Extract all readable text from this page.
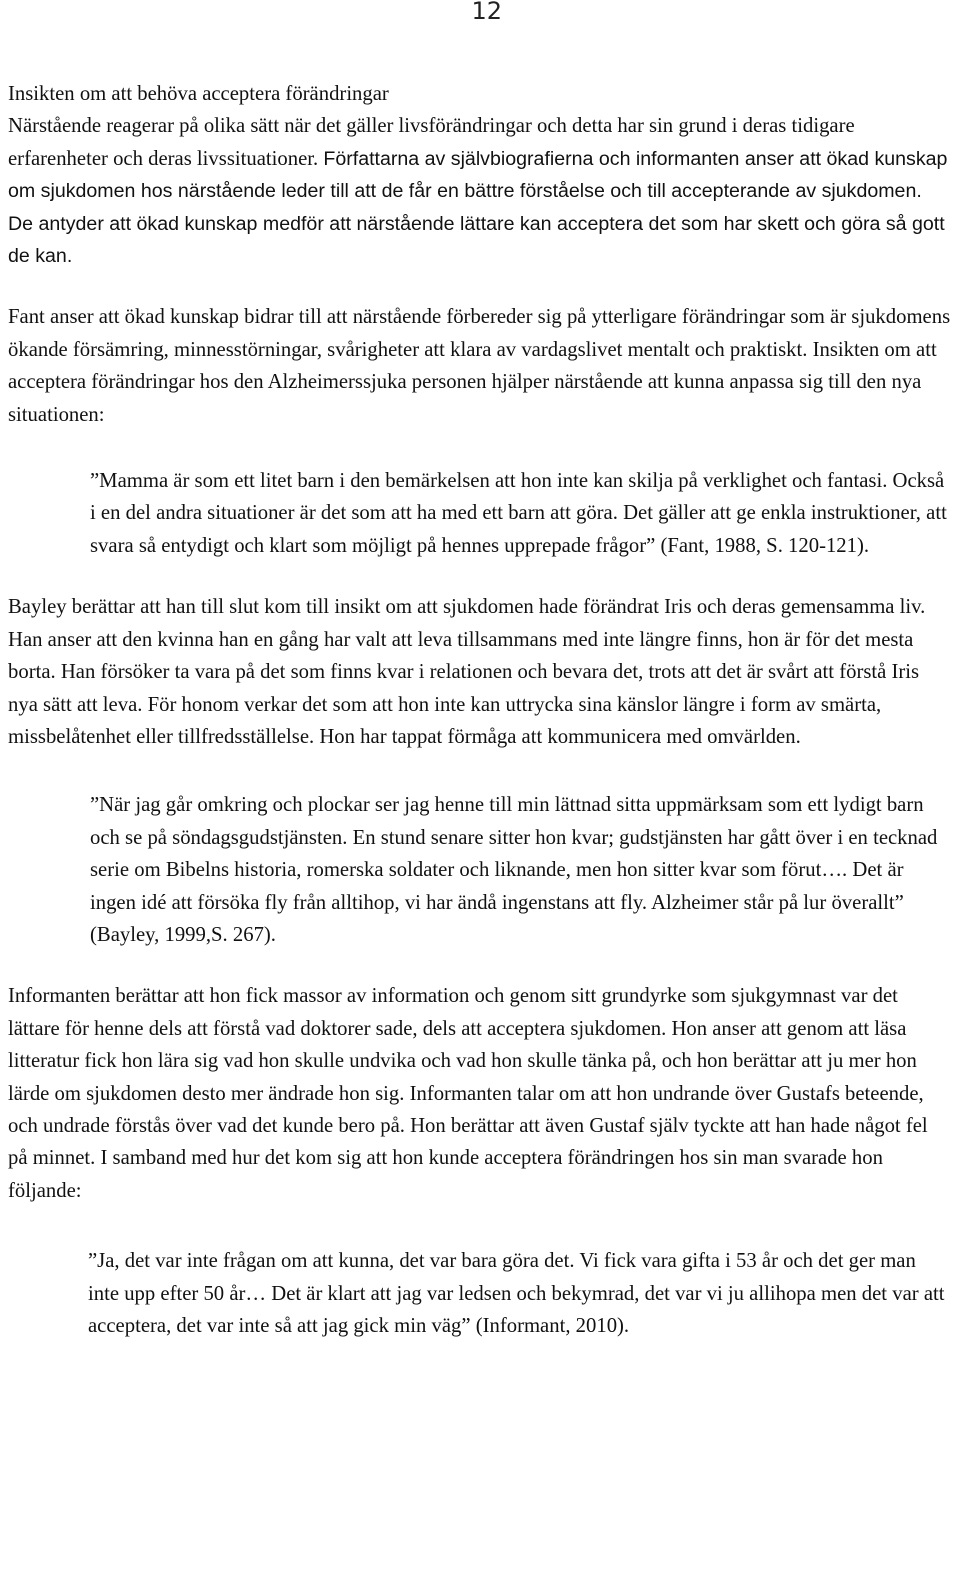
12

Insikten om att behöva acceptera förändringar

Närstående reagerar på olika sätt när det gäller livsförändringar och detta har sin grund i deras tidigare erfarenheter och deras livssituationer. Författarna av självbiografierna och informanten anser att ökad kunskap om sjukdomen hos närstående leder till att de får en bättre förståelse och till accepterande av sjukdomen. De antyder att ökad kunskap medför att närstående lättare kan acceptera det som har skett och göra så gott de kan.

Fant anser att ökad kunskap bidrar till att närstående förbereder sig på ytterligare förändringar som är sjukdomens ökande försämring, minnesstörningar, svårigheter att klara av vardagslivet mentalt och praktiskt. Insikten om att acceptera förändringar hos den Alzheimerssjuka personen hjälper närstående att kunna anpassa sig till den nya situationen:

”Mamma är som ett litet barn i den bemärkelsen att hon inte kan skilja på verklighet och fantasi. Också i en del andra situationer är det som att ha med ett barn att göra. Det gäller att ge enkla instruktioner, att svara så entydigt och klart som möjligt på hennes upprepade frågor” (Fant, 1988, S. 120-121).

Bayley berättar att han till slut kom till insikt om att sjukdomen hade förändrat Iris och deras gemensamma liv. Han anser att den kvinna han en gång har valt att leva tillsammans med inte längre finns, hon är för det mesta borta. Han försöker ta vara på det som finns kvar i relationen och bevara det, trots att det är svårt att förstå Iris nya sätt att leva. För honom verkar det som att hon inte kan uttrycka sina känslor längre i form av smärta, missbelåtenhet eller tillfredsställelse. Hon har tappat förmåga att kommunicera med omvärlden.

”När jag går omkring och plockar ser jag henne till min lättnad sitta uppmärksam som ett lydigt barn och se på söndagsgudstjänsten. En stund senare sitter hon kvar; gudstjänsten har gått över i en tecknad serie om Bibelns historia, romerska soldater och liknande, men hon sitter kvar som förut…. Det är ingen idé att försöka fly från alltihop, vi har ändå ingenstans att fly. Alzheimer står på lur överallt” (Bayley, 1999,S. 267).

Informanten berättar att hon fick massor av information och genom sitt grundyrke som sjukgymnast var det lättare för henne dels att förstå vad doktorer sade, dels att acceptera sjukdomen. Hon anser att genom att läsa litteratur fick hon lära sig vad hon skulle undvika och vad hon skulle tänka på, och hon berättar att ju mer hon lärde om sjukdomen desto mer ändrade hon sig. Informanten talar om att hon undrande över Gustafs beteende, och undrade förstås över vad det kunde bero på. Hon berättar att även Gustaf själv tyckte att han hade något fel på minnet. I samband med hur det kom sig att hon kunde acceptera förändringen hos sin man svarade hon följande:

”Ja, det var inte frågan om att kunna, det var bara göra det. Vi fick vara gifta i 53 år och det ger man inte upp efter 50 år… Det är klart att jag var ledsen och bekymrad, det var vi ju allihopa men det var att acceptera, det var inte så att jag gick min väg” (Informant, 2010).
